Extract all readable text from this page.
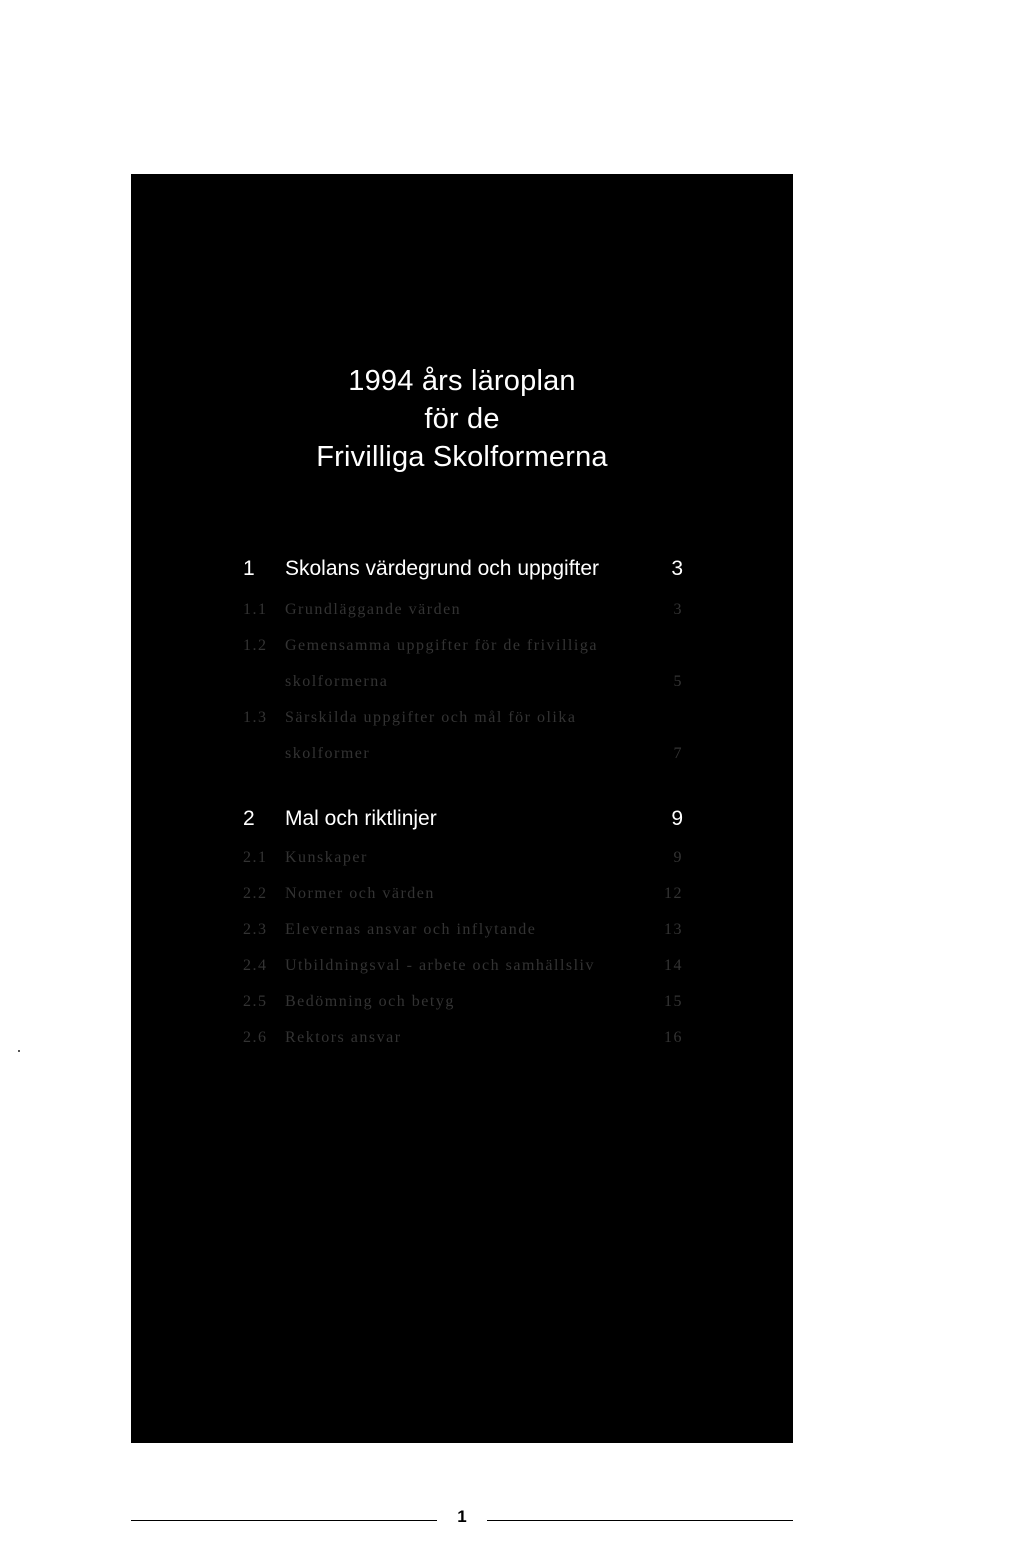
1994 års läroplan
för de
Frivilliga Skolformerna
1 Skolans värdegrund och uppgifter	3
1.1 Grundläggande värden	3
1.2 Gemensamma uppgifter för de frivilliga
skolformerna	5
1.3 Särskilda uppgifter och mål för olika
skolformer	7
2 Mal och riktlinjer	9
2.1 Kunskaper	9
2.2 Normer och värden	12
2.3 Elevernas ansvar och inflytande	13
2.4 Utbildningsval - arbete och samhällsliv	14
2.5 Bedömning och betyg	15
2.6 Rektors ansvar	16
1
